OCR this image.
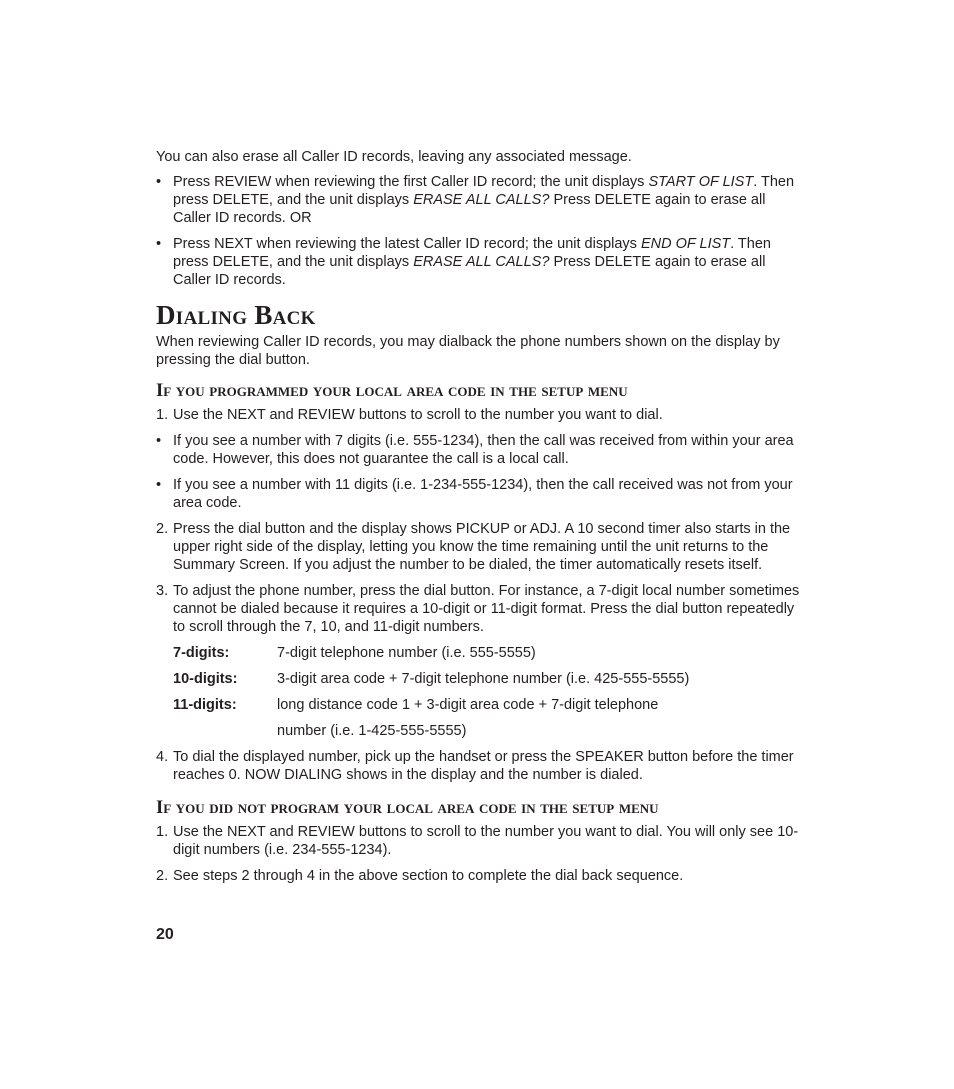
You can also erase all Caller ID records, leaving any associated message.

• Press REVIEW when reviewing the first Caller ID record; the unit displays START OF LIST. Then press DELETE, and the unit displays ERASE ALL CALLS? Press DELETE again to erase all Caller ID records. OR
• Press NEXT when reviewing the latest Caller ID record; the unit displays END OF LIST. Then press DELETE, and the unit displays ERASE ALL CALLS? Press DELETE again to erase all Caller ID records.
Dialing Back

When reviewing Caller ID records, you may dialback the phone numbers shown on the display by pressing the dial button.

If you programmed your local area code in the setup menu
1. Use the NEXT and REVIEW buttons to scroll to the number you want to dial.
• If you see a number with 7 digits (i.e. 555-1234), then the call was received from within your area code. However, this does not guarantee the call is a local call.
• If you see a number with 11 digits (i.e. 1-234-555-1234), then the call received was not from your area code.
2. Press the dial button and the display shows PICKUP or ADJ. A 10 second timer also starts in the upper right side of the display, letting you know the time remaining until the unit returns to the Summary Screen. If you adjust the number to be dialed, the timer automatically resets itself.
3. To adjust the phone number, press the dial button. For instance, a 7-digit local number sometimes cannot be dialed because it requires a 10-digit or 11-digit format. Press the dial button repeatedly to scroll through the 7, 10, and 11-digit numbers.
7-digits:	7-digit telephone number (i.e. 555-5555)
10-digits:	3-digit area code + 7-digit telephone number (i.e. 425-555-5555)
11-digits:	long distance code 1 + 3-digit area code + 7-digit telephone
number (i.e. 1-425-555-5555)
4. To dial the displayed number, pick up the handset or press the SPEAKER button before the timer reaches 0. NOW DIALING shows in the display and the number is dialed.
If you did not program your local area code in the setup menu
1. Use the NEXT and REVIEW buttons to scroll to the number you want to dial. You will only see 10-digit numbers (i.e. 234-555-1234).
2. See steps 2 through 4 in the above section to complete the dial back sequence.
20
